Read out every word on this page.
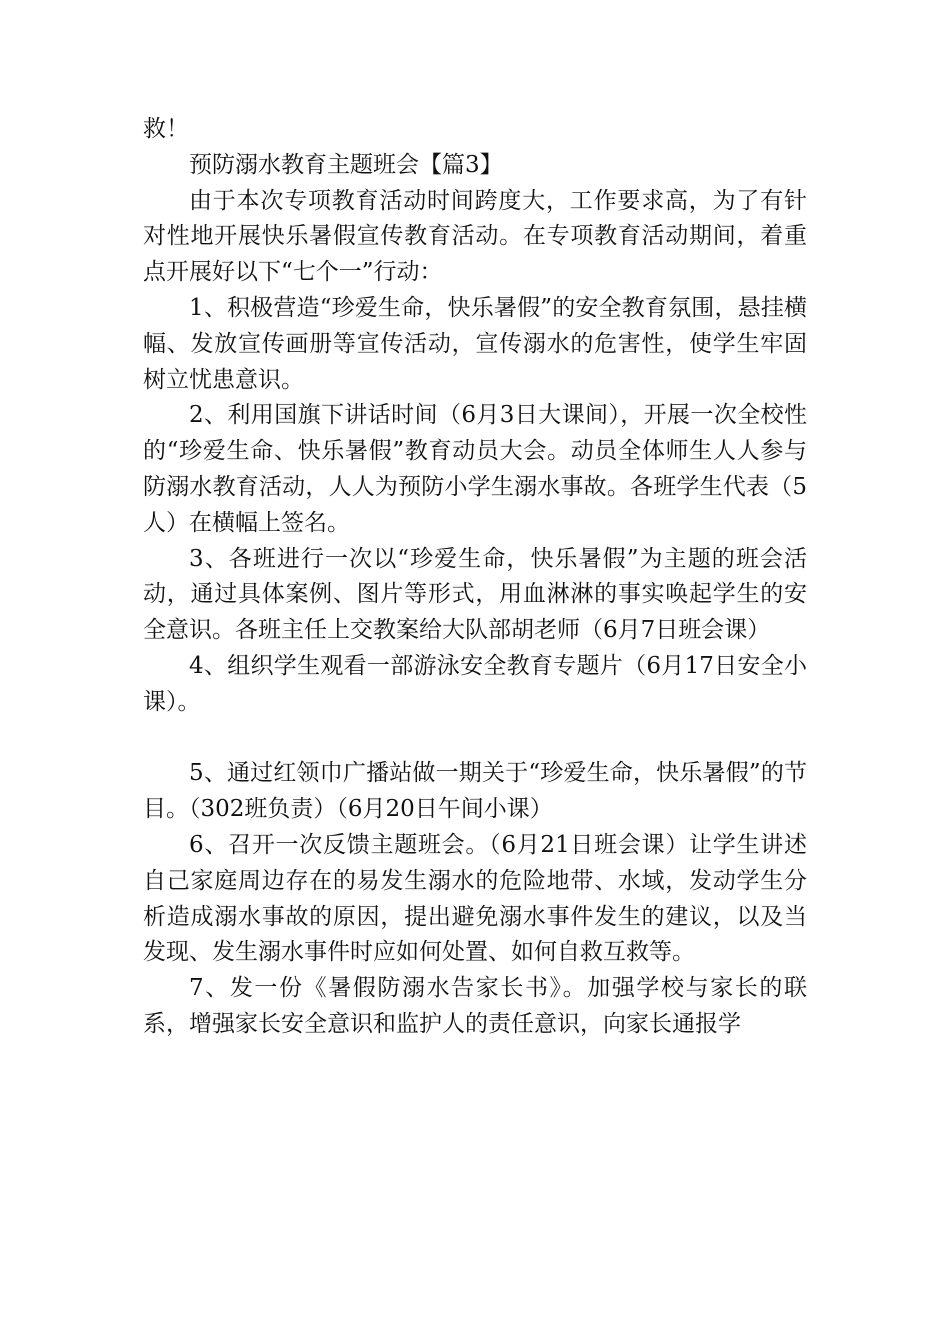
救！

预防溺水教育主题班会【篇3】

由于本次专项教育活动时间跨度大，工作要求高，为了有针对性地开展快乐暑假宣传教育活动。在专项教育活动期间，着重点开展好以下“七个一”行动：

1、积极营造“珍爱生命，快乐暑假”的安全教育氛围，悬挂横幅、发放宣传画册等宣传活动，宣传溺水的危害性，使学生牢固树立忧患意识。

2、利用国旗下讲话时间（6月3日大课间），开展一次全校性的“珍爱生命、快乐暑假”教育动员大会。动员全体师生人人参与防溺水教育活动，人人为预防小学生溺水事故。各班学生代表（5人）在横幅上签名。

3、各班进行一次以“珍爱生命，快乐暑假”为主题的班会活动，通过具体案例、图片等形式，用血淋淋的事实唤起学生的安全意识。各班主任上交教案给大队部胡老师（6月7日班会课）

4、组织学生观看一部游泳安全教育专题片（6月17日安全小课）。

5、通过红领巾广播站做一期关于“珍爱生命，快乐暑假”的节目。（302班负责）（6月20日午间小课）

6、召开一次反馈主题班会。（6月21日班会课）让学生讲述自己家庭周边存在的易发生溺水的危险地带、水域，发动学生分析造成溺水事故的原因，提出避免溺水事件发生的建议，以及当发现、发生溺水事件时应如何处置、如何自救互救等。

7、发一份《暑假防溺水告家长书》。加强学校与家长的联系，增强家长安全意识和监护人的责任意识，向家长通报学
